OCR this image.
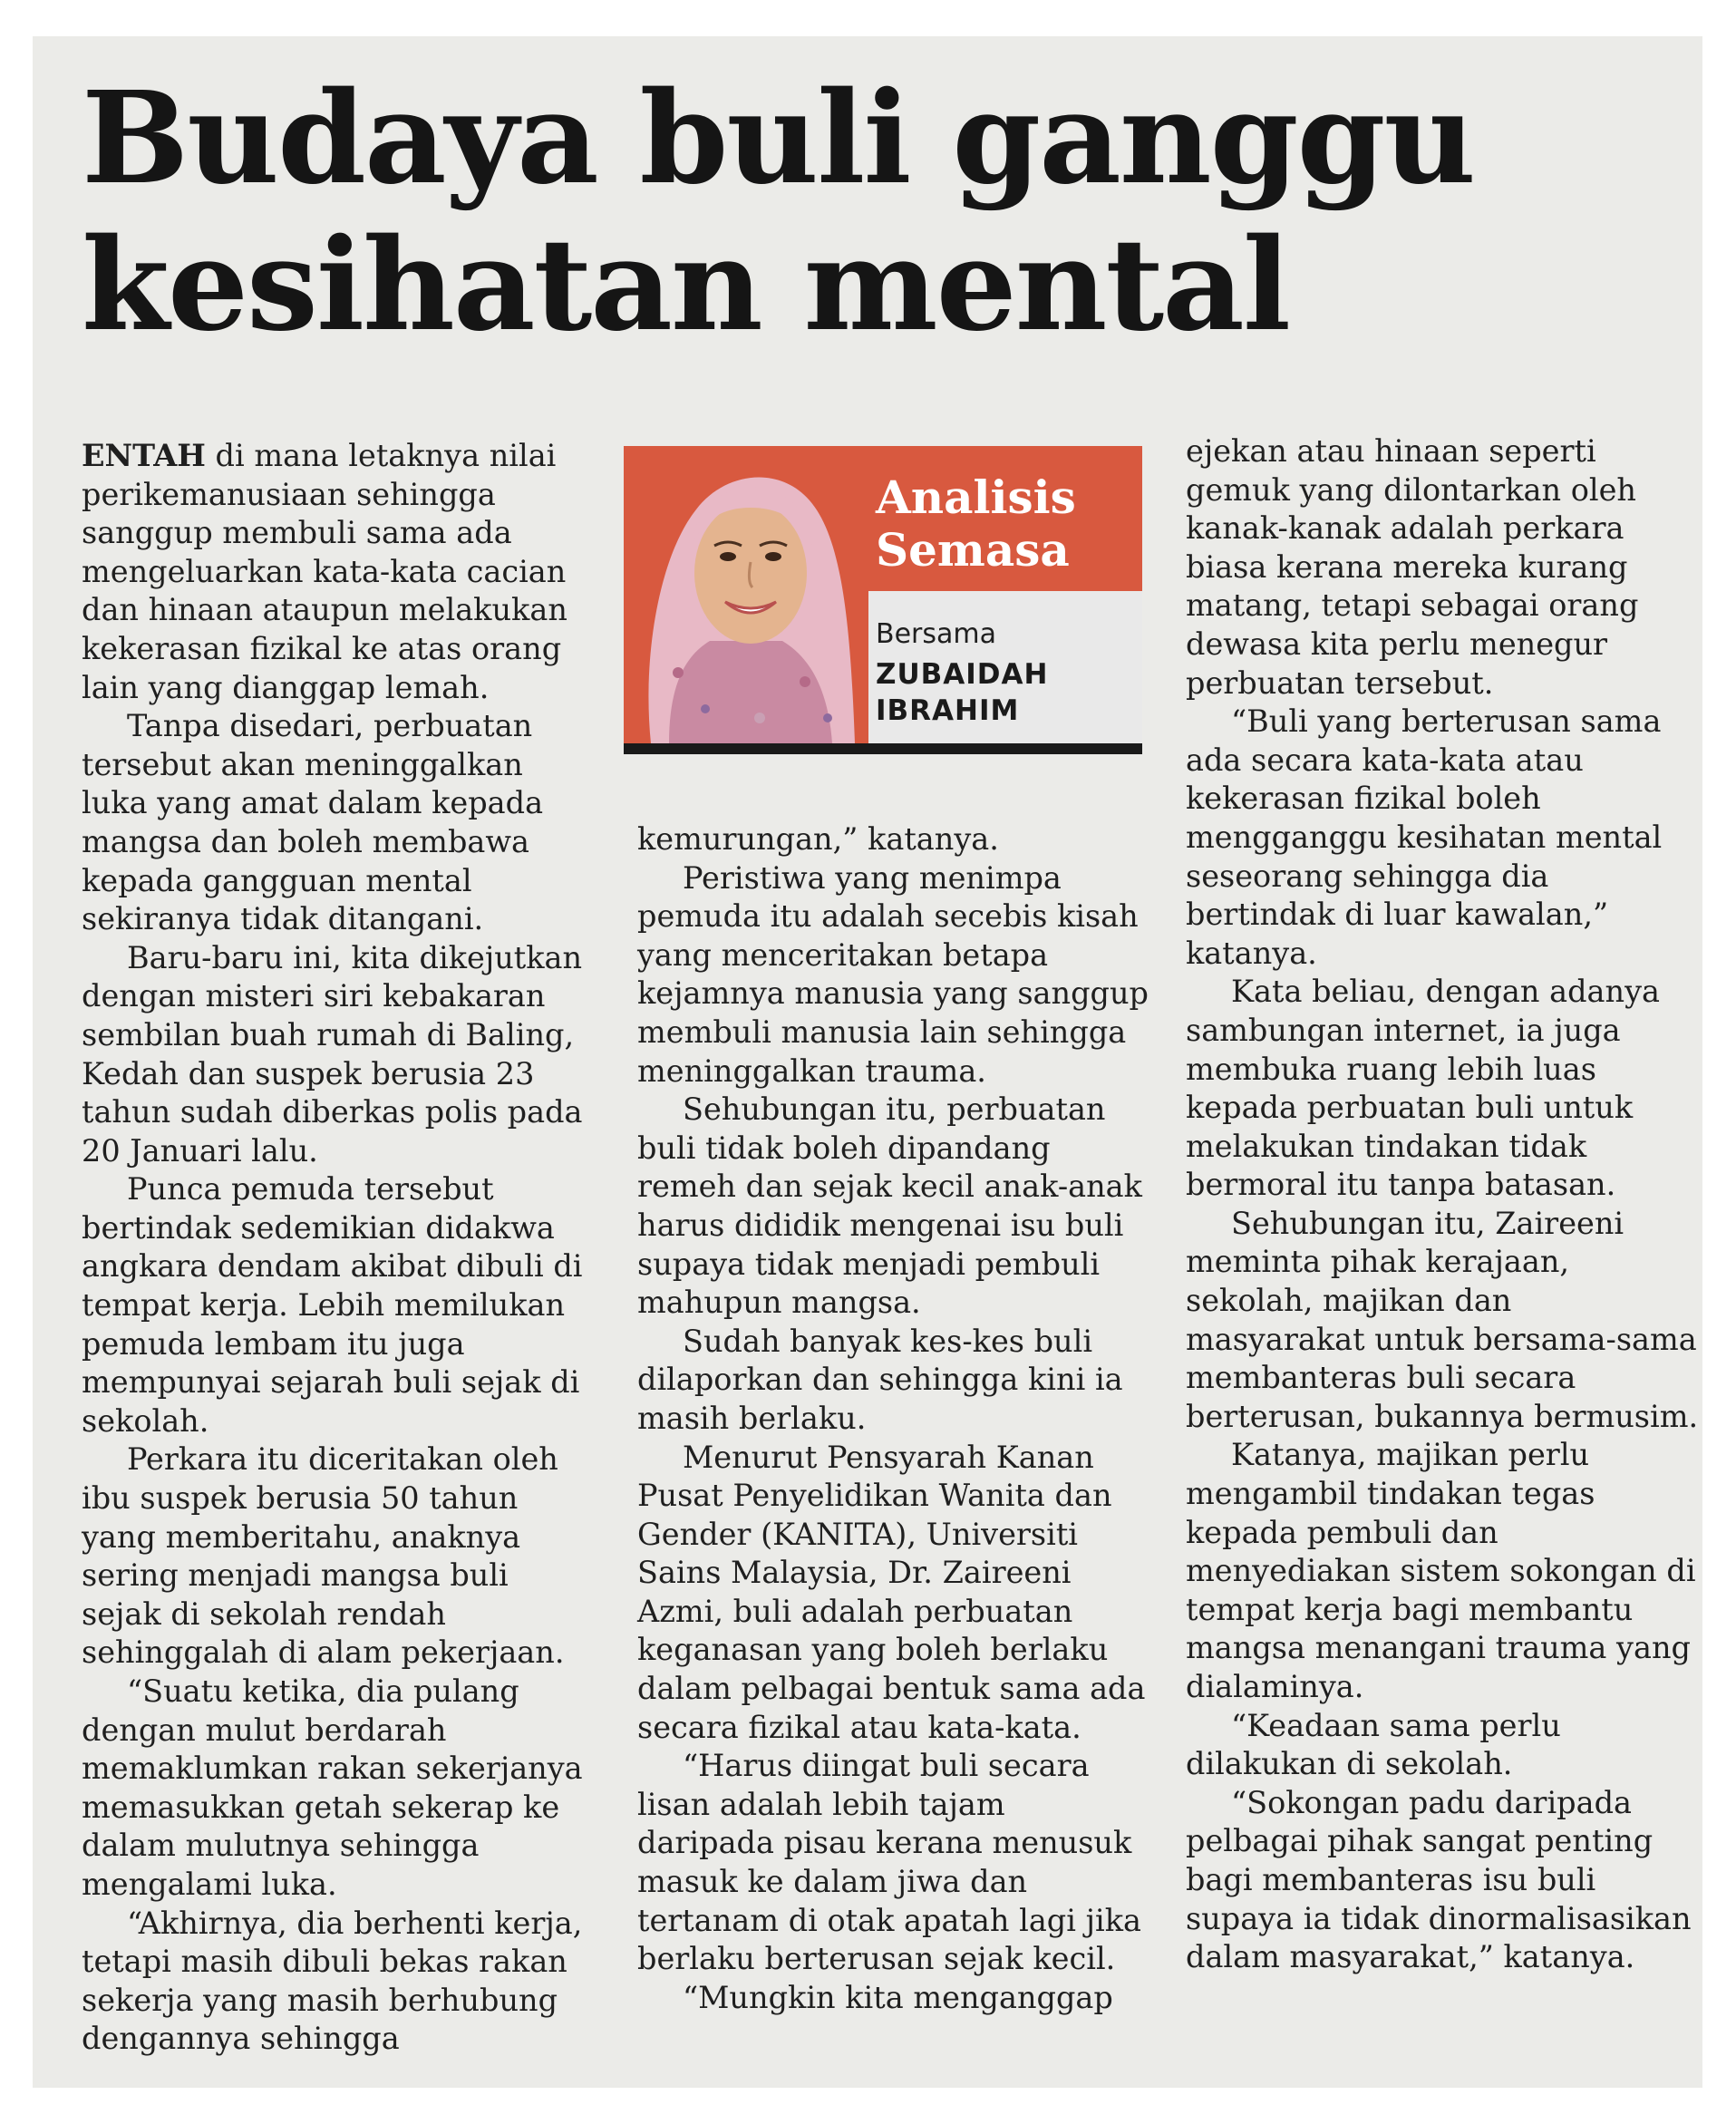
Budaya buli ganggu kesihatan mental

Analisis
Semasa

Bersama
ZUBAIDAH
IBRAHIM

ENTAH di mana letaknya nilai perikemanusiaan sehingga sanggup membuli sama ada mengeluarkan kata-kata cacian dan hinaan ataupun melakukan kekerasan fizikal ke atas orang lain yang dianggap lemah.

Tanpa disedari, perbuatan tersebut akan meninggalkan luka yang amat dalam kepada mangsa dan boleh membawa kepada gangguan mental sekiranya tidak ditangani.

Baru-baru ini, kita dikejutkan dengan misteri siri kebakaran sembilan buah rumah di Baling, Kedah dan suspek berusia 23 tahun sudah diberkas polis pada 20 Januari lalu.

Punca pemuda tersebut bertindak sedemikian didakwa angkara dendam akibat dibuli di tempat kerja. Lebih memilukan pemuda lembam itu juga mempunyai sejarah buli sejak di sekolah.

Perkara itu diceritakan oleh ibu suspek berusia 50 tahun yang memberitahu, anaknya sering menjadi mangsa buli sejak di sekolah rendah sehinggalah di alam pekerjaan.

“Suatu ketika, dia pulang dengan mulut berdarah memaklumkan rakan sekerjanya memasukkan getah sekerap ke dalam mulutnya sehingga mengalami luka.

“Akhirnya, dia berhenti kerja, tetapi masih dibuli bekas rakan sekerja yang masih berhubung dengannya sehingga

kemurungan,” katanya.

Peristiwa yang menimpa pemuda itu adalah secebis kisah yang menceritakan betapa kejamnya manusia yang sanggup membuli manusia lain sehingga meninggalkan trauma.

Sehubungan itu, perbuatan buli tidak boleh dipandang remeh dan sejak kecil anak-anak harus dididik mengenai isu buli supaya tidak menjadi pembuli mahupun mangsa.

Sudah banyak kes-kes buli dilaporkan dan sehingga kini ia masih berlaku.

Menurut Pensyarah Kanan Pusat Penyelidikan Wanita dan Gender (KANITA), Universiti Sains Malaysia, Dr. Zaireeni Azmi, buli adalah perbuatan keganasan yang boleh berlaku dalam pelbagai bentuk sama ada secara fizikal atau kata-kata.

“Harus diingat buli secara lisan adalah lebih tajam daripada pisau kerana menusuk masuk ke dalam jiwa dan tertanam di otak apatah lagi jika berlaku berterusan sejak kecil.

“Mungkin kita menganggap

ejekan atau hinaan seperti gemuk yang dilontarkan oleh kanak-kanak adalah perkara biasa kerana mereka kurang matang, tetapi sebagai orang dewasa kita perlu menegur perbuatan tersebut.

“Buli yang berterusan sama ada secara kata-kata atau kekerasan fizikal boleh mengganggu kesihatan mental seseorang sehingga dia bertindak di luar kawalan,” katanya.

Kata beliau, dengan adanya sambungan internet, ia juga membuka ruang lebih luas kepada perbuatan buli untuk melakukan tindakan tidak bermoral itu tanpa batasan.

Sehubungan itu, Zaireeni meminta pihak kerajaan, sekolah, majikan dan masyarakat untuk bersama-sama membanteras buli secara berterusan, bukannya bermusim.

Katanya, majikan perlu mengambil tindakan tegas kepada pembuli dan menyediakan sistem sokongan di tempat kerja bagi membantu mangsa menangani trauma yang dialaminya.

“Keadaan sama perlu dilakukan di sekolah.

“Sokongan padu daripada pelbagai pihak sangat penting bagi membanteras isu buli supaya ia tidak dinormalisasikan dalam masyarakat,” katanya.
